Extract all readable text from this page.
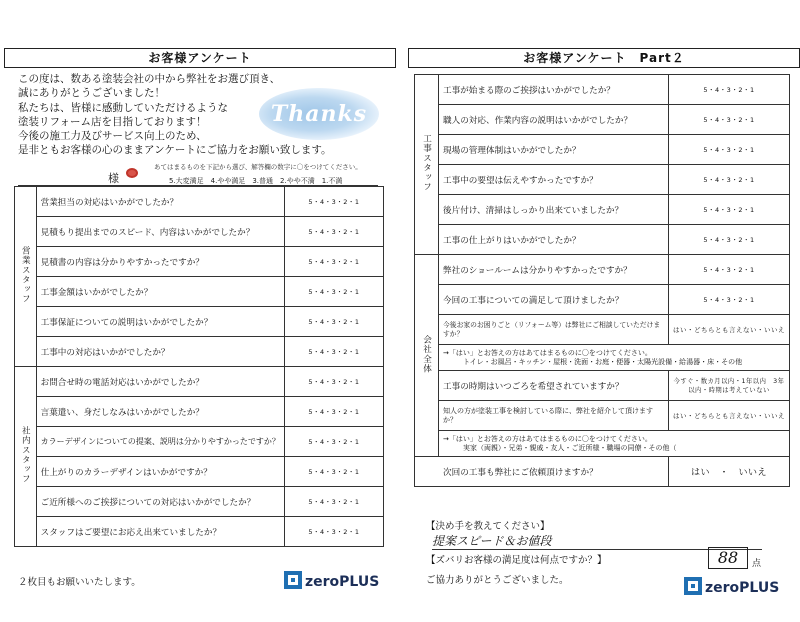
お客様アンケート
この度は、数ある塗装会社の中から弊社をお選び頂き、
誠にありがとうございました！
私たちは、皆様に感動していただけるような
塗装リフォーム店を目指しております！
今後の施工力及びサービス向上のため、
是非ともお客様の心のままアンケートにご協力をお願い致します。
Thanks
様
あてはまるものを下記から選び、解答欄の数字に〇をつけてください。
5.大変満足　4.やや満足　3.普通　2.やや不満　1.不満
営業スタッフ	営業担当の対応はいかがでしたか？	5・4・3・2・1
	見積もり提出までのスピード、内容はいかがでしたか？	5・4・3・2・1
	見積書の内容は分かりやすかったですか？	5・4・3・2・1
	工事金額はいかがでしたか？	5・4・3・2・1
	工事保証についての説明はいかがでしたか？	5・4・3・2・1
	工事中の対応はいかがでしたか？	5・4・3・2・1
社内スタッフ	お問合せ時の電話対応はいかがでしたか？	5・4・3・2・1
	言葉遣い、身だしなみはいかがでしたか？	5・4・3・2・1
	カラーデザインについての提案、説明は分かりやすかったですか？	5・4・3・2・1
	仕上がりのカラーデザインはいかがですか？	5・4・3・2・1
	ご近所様へのご挨拶についての対応はいかがでしたか？	5・4・3・2・1
	スタッフはご要望にお応え出来ていましたか？	5・4・3・2・1
２枚目もお願いいたします。	zeroPLUS
お客様アンケート　Part２
工事スタッフ	工事が始まる際のご挨拶はいかがでしたか？	5・4・3・2・1
	職人の対応、作業内容の説明はいかがでしたか？	5・4・3・2・1
	現場の管理体制はいかがでしたか？	5・4・3・2・1
	工事中の要望は伝えやすかったですか？	5・4・3・2・1
	後片付け、清掃はしっかり出来ていましたか？	5・4・3・2・1
	工事の仕上がりはいかがでしたか？	5・4・3・2・1
会社全体	弊社のショールームは分かりやすかったですか？	5・4・3・2・1
	今回の工事についての満足して頂けましたか？	5・4・3・2・1
	今後お家のお困りごと（リフォーム等）は弊社にご相談していただけますか？	はい・どちらとも言えない・いいえ

	→「はい」とお答えの方はあてはまるものに〇をつけてください。
トイレ・お風呂・キッチン・屋根・洗面・お庭・便器・太陽光設備・給湯器・床・その他	

	工事の時期はいつごろを希望されていますか？	今すぐ・数カ月以内・1年以内　3年以内・時期は考えていない
	知人の方が塗装工事を検討している際に、弊社を紹介して頂けますか？	はい・どちらとも言えない・いいえ

	→「はい」とお答えの方はあてはまるものに〇をつけてください。
実家（両親）・兄弟・親戚・友人・ご近所様・職場の同僚・その他（	

次回の工事も弊社にご依頼頂けますか？		はい　・　いいえ
【決め手を教えてください】
提案スピード＆お値段
【ズバリお客様の満足度は何点ですか？】	88	点
ご協力ありがとうございました。	zeroPLUS
